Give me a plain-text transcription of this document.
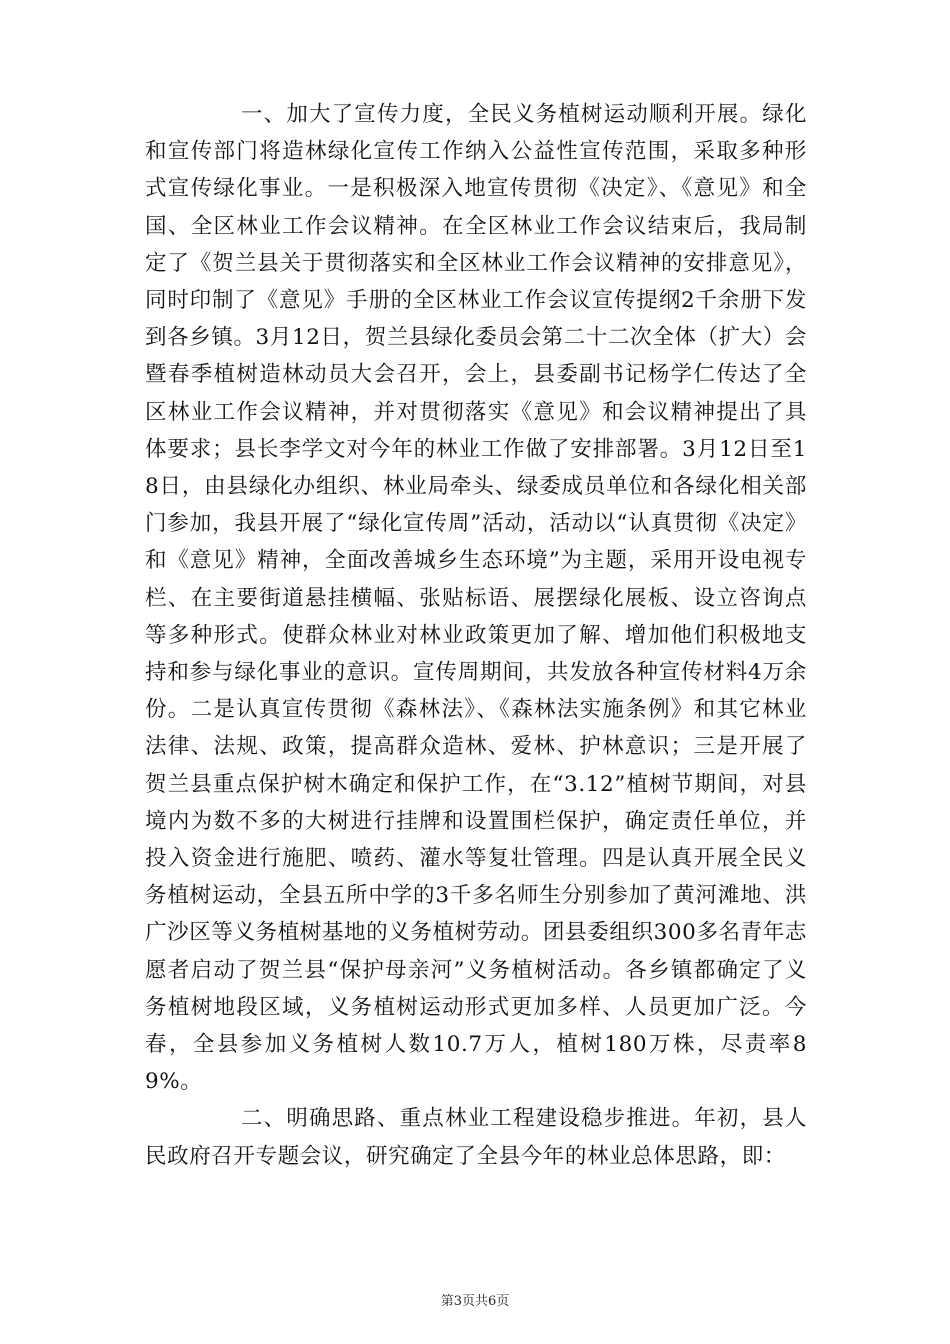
一、加大了宣传力度，全民义务植树运动顺利开展。绿化和宣传部门将造林绿化宣传工作纳入公益性宣传范围，采取多种形式宣传绿化事业。一是积极深入地宣传贯彻《决定》、《意见》和全国、全区林业工作会议精神。在全区林业工作会议结束后，我局制定了《贺兰县关于贯彻落实和全区林业工作会议精神的安排意见》，同时印制了《意见》手册的全区林业工作会议宣传提纲2千余册下发到各乡镇。3月12日，贺兰县绿化委员会第二十二次全体（扩大）会暨春季植树造林动员大会召开，会上，县委副书记杨学仁传达了全区林业工作会议精神，并对贯彻落实《意见》和会议精神提出了具体要求；县长李学文对今年的林业工作做了安排部署。3月12日至18日，由县绿化办组织、林业局牵头、绿委成员单位和各绿化相关部门参加，我县开展了“绿化宣传周”活动，活动以“认真贯彻《决定》和《意见》精神，全面改善城乡生态环境”为主题，采用开设电视专栏、在主要街道悬挂横幅、张贴标语、展摆绿化展板、设立咨询点等多种形式。使群众林业对林业政策更加了解、增加他们积极地支持和参与绿化事业的意识。宣传周期间，共发放各种宣传材料4万余份。二是认真宣传贯彻《森林法》、《森林法实施条例》和其它林业法律、法规、政策，提高群众造林、爱林、护林意识；三是开展了贺兰县重点保护树木确定和保护工作，在“3.12”植树节期间，对县境内为数不多的大树进行挂牌和设置围栏保护，确定责任单位，并投入资金进行施肥、喷药、灌水等复壮管理。四是认真开展全民义务植树运动，全县五所中学的3千多名师生分别参加了黄河滩地、洪广沙区等义务植树基地的义务植树劳动。团县委组织300多名青年志愿者启动了贺兰县“保护母亲河”义务植树活动。各乡镇都确定了义务植树地段区域，义务植树运动形式更加多样、人员更加广泛。今春，全县参加义务植树人数10.7万人，植树180万株，尽责率89%。

二、明确思路、重点林业工程建设稳步推进。年初，县人民政府召开专题会议，研究确定了全县今年的林业总体思路，即：

第3页共6页
